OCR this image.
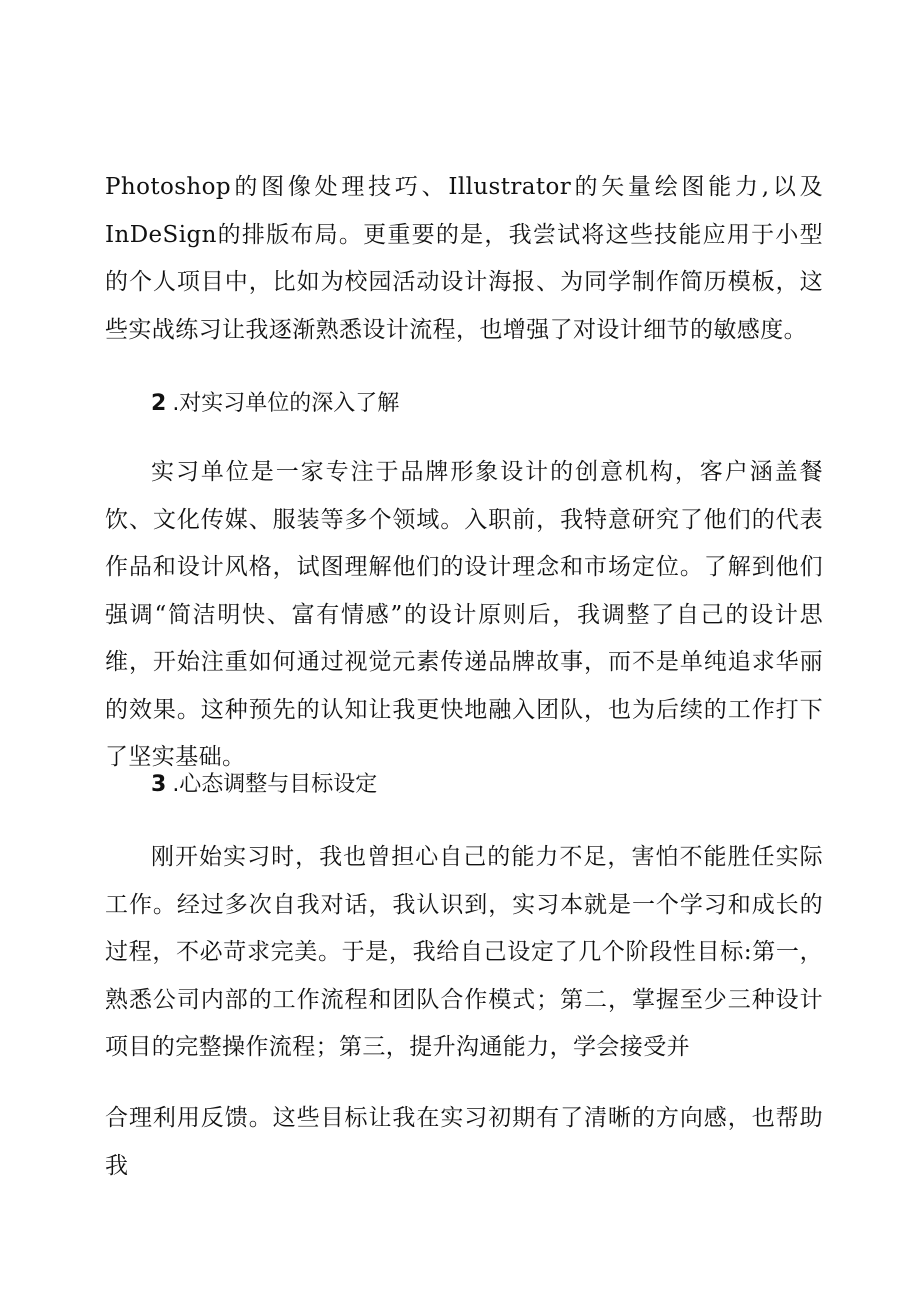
Photoshop的图像处理技巧、Illustrator的矢量绘图能力,以及InDeSign的排版布局。更重要的是，我尝试将这些技能应用于小型的个人项目中，比如为校园活动设计海报、为同学制作简历模板，这些实战练习让我逐渐熟悉设计流程，也增强了对设计细节的敏感度。

2 .对实习单位的深入了解

实习单位是一家专注于品牌形象设计的创意机构，客户涵盖餐饮、文化传媒、服装等多个领域。入职前，我特意研究了他们的代表作品和设计风格，试图理解他们的设计理念和市场定位。了解到他们强调“简洁明快、富有情感”的设计原则后，我调整了自己的设计思维，开始注重如何通过视觉元素传递品牌故事，而不是单纯追求华丽的效果。这种预先的认知让我更快地融入团队，也为后续的工作打下了坚实基础。

3 .心态调整与目标设定

刚开始实习时，我也曾担心自己的能力不足，害怕不能胜任实际工作。经过多次自我对话，我认识到，实习本就是一个学习和成长的过程，不必苛求完美。于是，我给自己设定了几个阶段性目标:第一，熟悉公司内部的工作流程和团队合作模式；第二，掌握至少三种设计项目的完整操作流程；第三，提升沟通能力，学会接受并

合理利用反馈。这些目标让我在实习初期有了清晰的方向感，也帮助我
